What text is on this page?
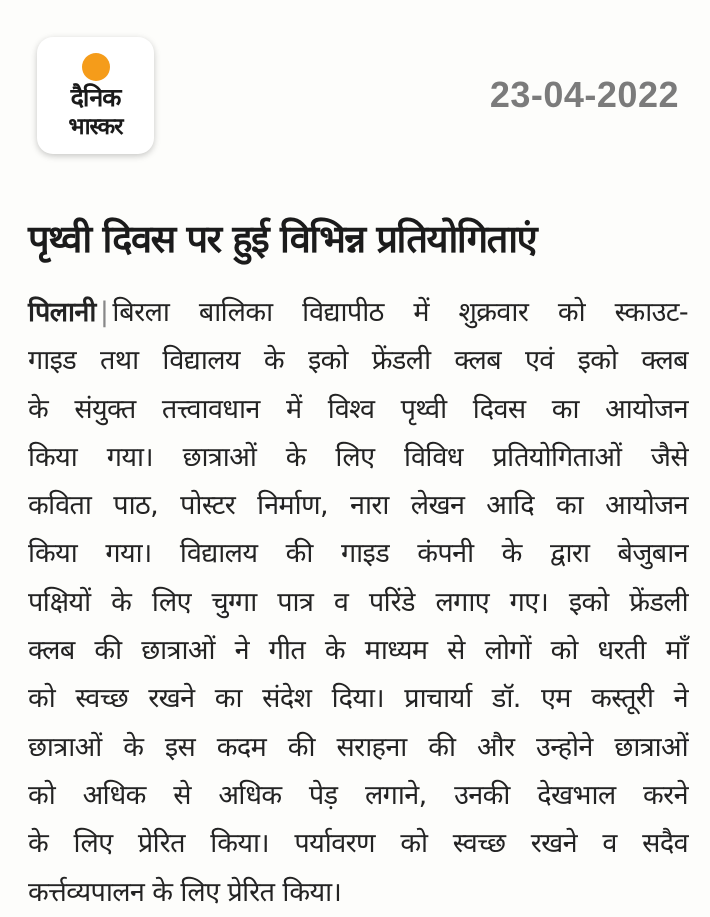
दैनिक
भास्कर
23-04-2022
पृथ्वी दिवस पर हुई विभिन्न प्रतियोगिताएं
पिलानी | बिरला बालिका विद्यापीठ में शुक्रवार को स्काउट-
गाइड तथा विद्यालय के इको फ्रेंडली क्लब एवं इको क्लब
के संयुक्त तत्त्वावधान में विश्व पृथ्वी दिवस का आयोजन
किया गया। छात्राओं के लिए विविध प्रतियोगिताओं जैसे
कविता पाठ, पोस्टर निर्माण, नारा लेखन आदि का आयोजन
किया गया। विद्यालय की गाइड कंपनी के द्वारा बेजुबान
पक्षियों के लिए चुग्गा पात्र व परिंडे लगाए गए। इको फ्रेंडली
क्लब की छात्राओं ने गीत के माध्यम से लोगों को धरती माँ
को स्वच्छ रखने का संदेश दिया। प्राचार्या डॉ. एम कस्तूरी ने
छात्राओं के इस कदम की सराहना की और उन्होने छात्राओं
को अधिक से अधिक पेड़ लगाने, उनकी देखभाल करने
के लिए प्रेरित किया। पर्यावरण को स्वच्छ रखने व सदैव
कर्त्तव्यपालन के लिए प्रेरित किया।
